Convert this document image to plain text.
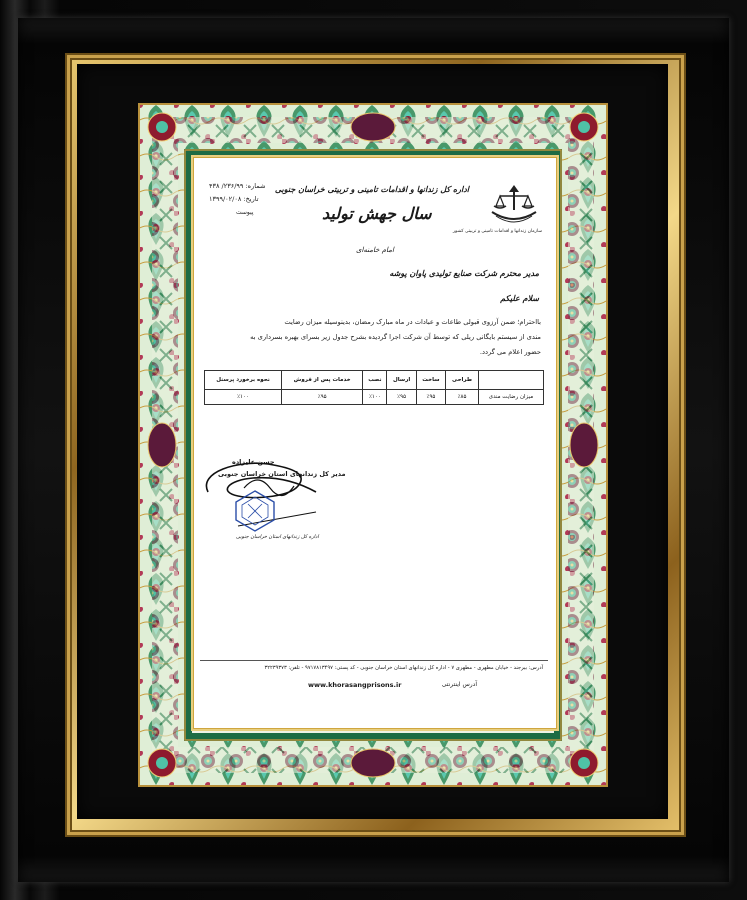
سازمان زندانها و اقدامات تامینی و تربیتی کشور
اداره کل زندانها و اقدامات تامینی و تربیتی خراسان جنوبی
شماره: ۲۳۶/۹۹/ ۴۳۸
تاریخ: ۱۳۹۹/۰۲/۰۸
پیوست	سال جهش تولید
امام خامنه‌ای
مدیر محترم شرکت صنایع تولیدی پاوان پوشه
سلام علیکم
بااحترام؛ ضمن آرزوی قبولی طاعات و عبادات در ماه مبارک رمضان، بدینوسیله میزان رضایت
مندی از سیستم بایگانی ریلی که توسط آن شرکت اجرا گردیده بشرح جدول زیر بسرای بهبره بسرداری به
حضور اعلام می گردد.
	طراحی	ساخت	ارسال	نصب	خدمات پس از فروش	نحوه برخورد پرسنل
میزان رضایت مندی	٪۸۵	٪۹۵	٪۹۵	٪۱۰۰	٪۹۵	٪۱۰۰
حسن علیزاده
مدیر کل زندانهای استان خراسان جنوبی
اداره کل زندانهای استان خراسان جنوبی
آدرس: بیرجند - خیابان مطهری - مطهری ۷ - اداره کل زندانهای استان خراسان جنوبی - کد پستی: ۹۷۱۷۸۱۳۴۹۷ - تلفن: ۳۲۲۳۹۳۷۳
آدرس اینترنتی
www.khorasangprisons.ir
